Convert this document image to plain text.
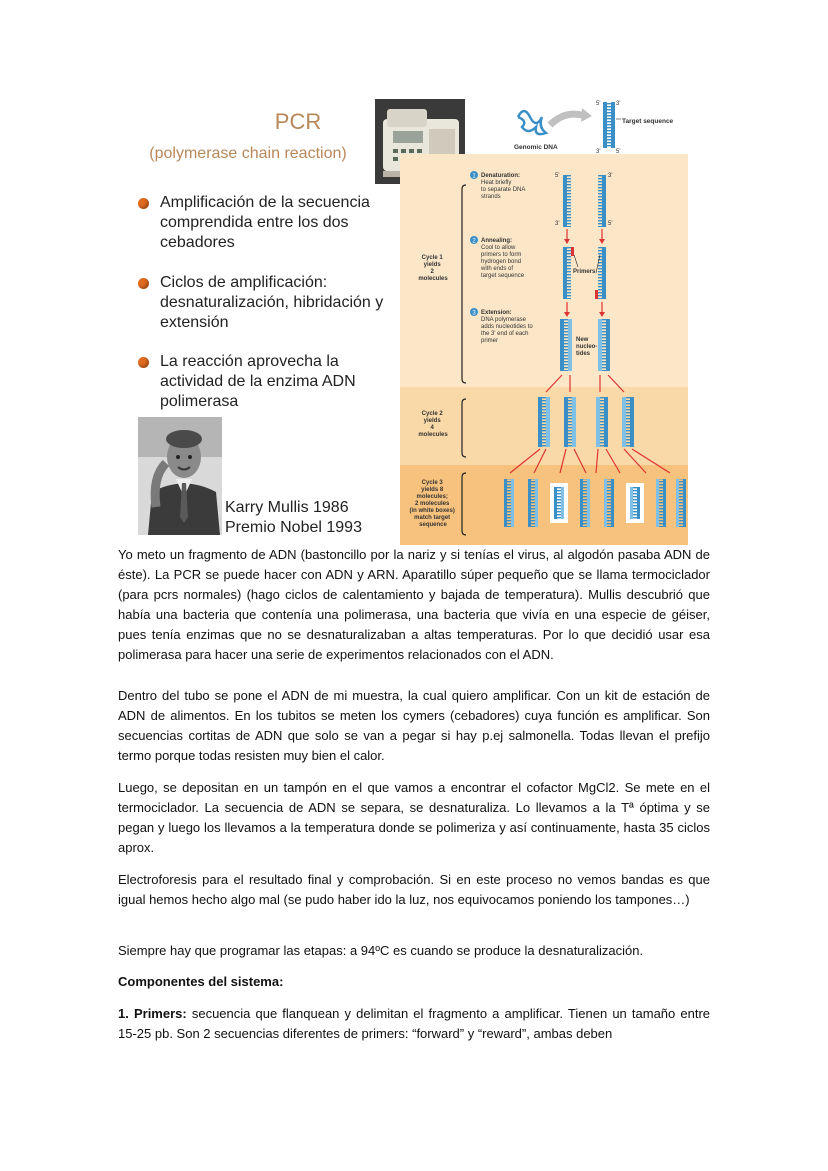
PCR
(polymerase chain reaction)
Amplificación de la secuencia comprendida entre los dos cebadores
Ciclos de amplificación: desnaturalización, hibridación y extensión
La reacción aprovecha la actividad de la enzima ADN polimerasa
Karry Mullis 1986
Premio Nobel 1993
Genomic DNA
5'	3'
3'	5'
Target sequence
Cycle 1 yields 2 molecules
Cycle 2 yields 4 molecules
Cycle 3 yields 8 molecules; 2 molecules (in white boxes) match target sequence
1 Denaturation: Heat briefly to separate DNA strands
2 Annealing: Cool to allow primers to form hydrogen bond with ends of target sequence
3 Extension: DNA polymerase adds nucleotides to the 3' end of each primer
5'	3'
3'	5'
Primers
New nucleo- tides

Yo meto un fragmento de ADN (bastoncillo por la nariz y si tenías el virus, al algodón pasaba ADN de éste). La PCR se puede hacer con ADN y ARN. Aparatillo súper pequeño que se llama termociclador (para pcrs normales) (hago ciclos de calentamiento y bajada de temperatura). Mullis descubrió que había una bacteria que contenía una polimerasa, una bacteria que vivía en una especie de géiser, pues tenía enzimas que no se desnaturalizaban a altas temperaturas. Por lo que decidió usar esa polimerasa para hacer una serie de experimentos relacionados con el ADN.

Dentro del tubo se pone el ADN de mi muestra, la cual quiero amplificar. Con un kit de estación de ADN de alimentos. En los tubitos se meten los cymers (cebadores) cuya función es amplificar. Son secuencias cortitas de ADN que solo se van a pegar si hay p.ej salmonella. Todas llevan el prefijo termo porque todas resisten muy bien el calor.

Luego, se depositan en un tampón en el que vamos a encontrar el cofactor MgCl2. Se mete en el termociclador. La secuencia de ADN se separa, se desnaturaliza. Lo llevamos a la Tª óptima y se pegan y luego los llevamos a la temperatura donde se polimeriza y así continuamente, hasta 35 ciclos aprox.

Electroforesis para el resultado final y comprobación. Si en este proceso no vemos bandas es que igual hemos hecho algo mal (se pudo haber ido la luz, nos equivocamos poniendo los tampones…)

Siempre hay que programar las etapas: a 94ºC es cuando se produce la desnaturalización.

Componentes del sistema:

1. Primers: secuencia que flanquean y delimitan el fragmento a amplificar. Tienen un tamaño entre 15-25 pb. Son 2 secuencias diferentes de primers: “forward” y “reward”, ambas deben
